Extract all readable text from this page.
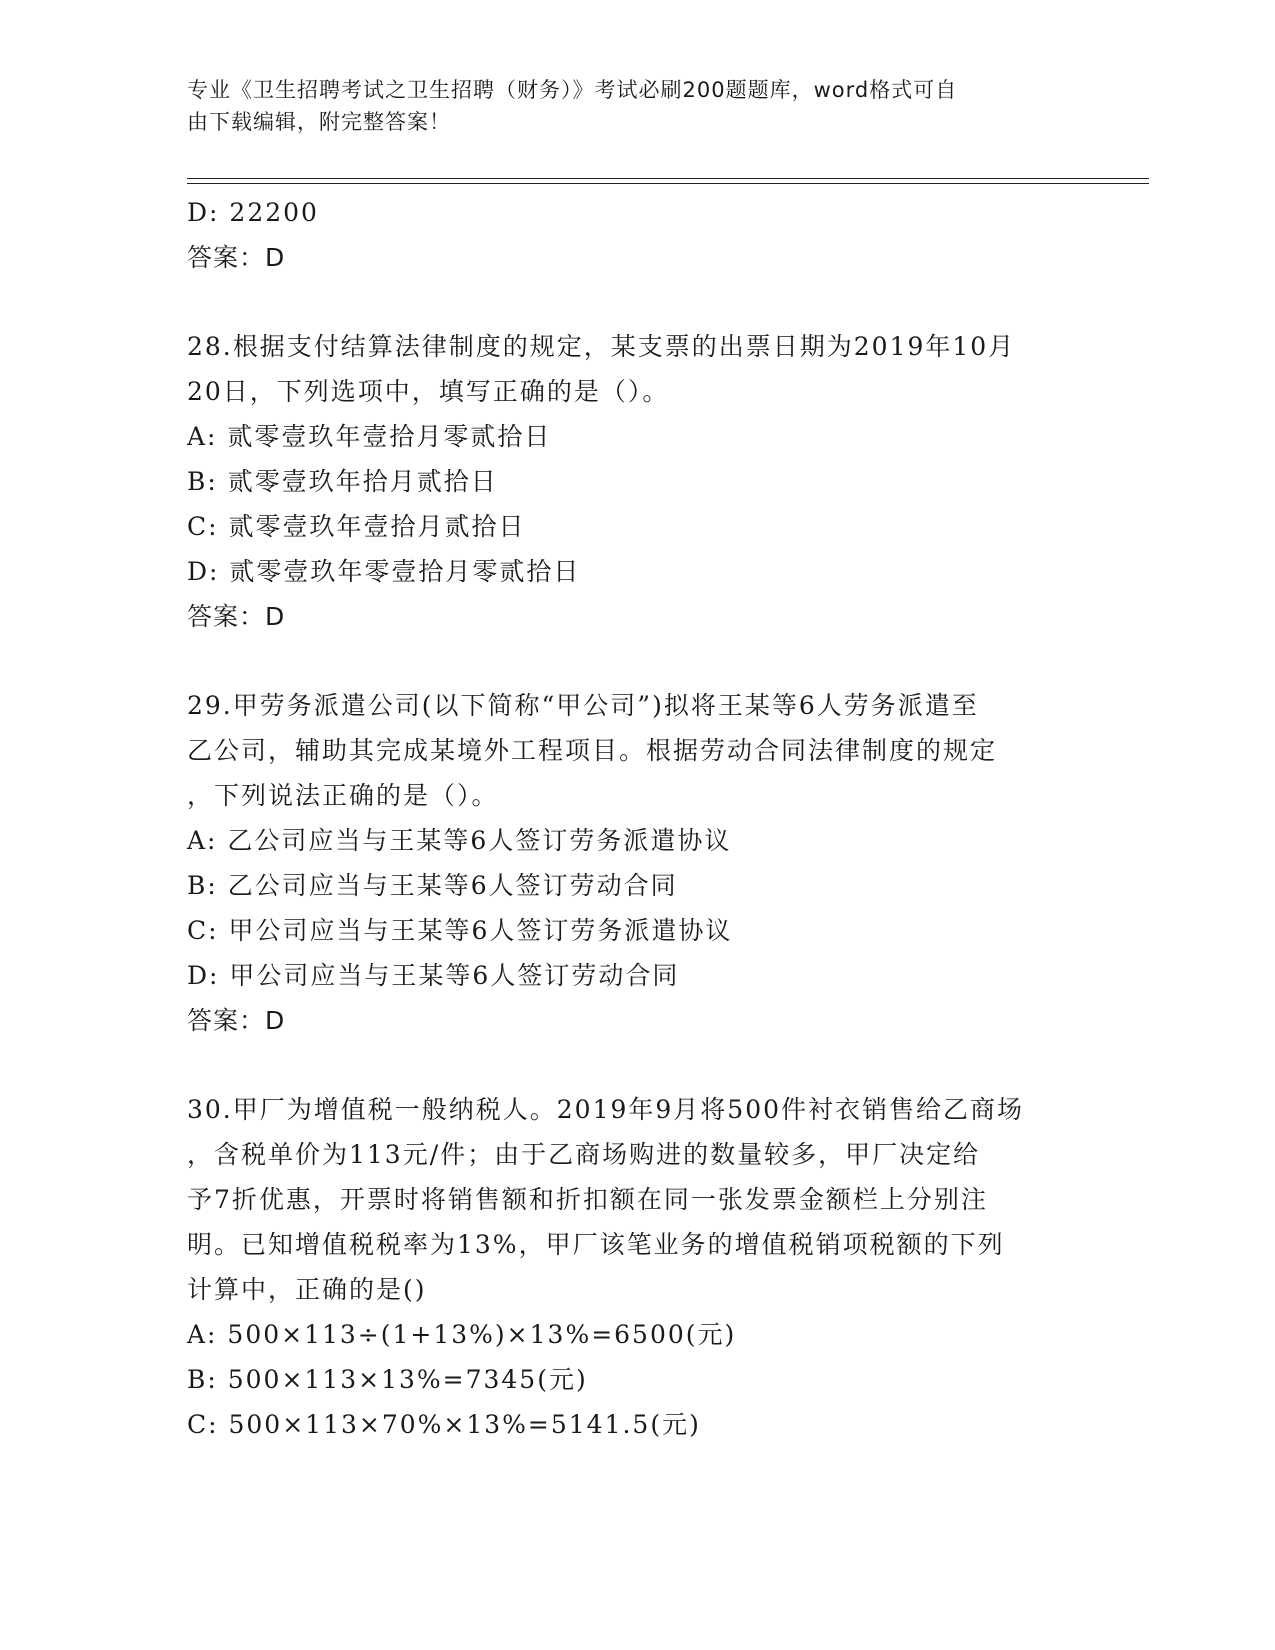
专业《卫生招聘考试之卫生招聘（财务）》考试必刷200题题库，word格式可自
由下载编辑，附完整答案！
D: 22200
答案：D
28.根据支付结算法律制度的规定，某支票的出票日期为2019年10月
20日，下列选项中，填写正确的是（）。
A: 贰零壹玖年壹拾月零贰拾日
B: 贰零壹玖年拾月贰拾日
C: 贰零壹玖年壹拾月贰拾日
D: 贰零壹玖年零壹拾月零贰拾日
答案：D
29.甲劳务派遣公司(以下简称“甲公司”)拟将王某等6人劳务派遣至
乙公司，辅助其完成某境外工程项目。根据劳动合同法律制度的规定
，下列说法正确的是（）。
A: 乙公司应当与王某等6人签订劳务派遣协议
B: 乙公司应当与王某等6人签订劳动合同
C: 甲公司应当与王某等6人签订劳务派遣协议
D: 甲公司应当与王某等6人签订劳动合同
答案：D
30.甲厂为增值税一般纳税人。2019年9月将500件衬衣销售给乙商场
，含税单价为113元/件；由于乙商场购进的数量较多，甲厂决定给
予7折优惠，开票时将销售额和折扣额在同一张发票金额栏上分别注
明。已知增值税税率为13%，甲厂该笔业务的增值税销项税额的下列
计算中，正确的是()
A: 500×113÷(1+13%)×13%=6500(元)
B: 500×113×13%=7345(元)
C: 500×113×70%×13%=5141.5(元)
